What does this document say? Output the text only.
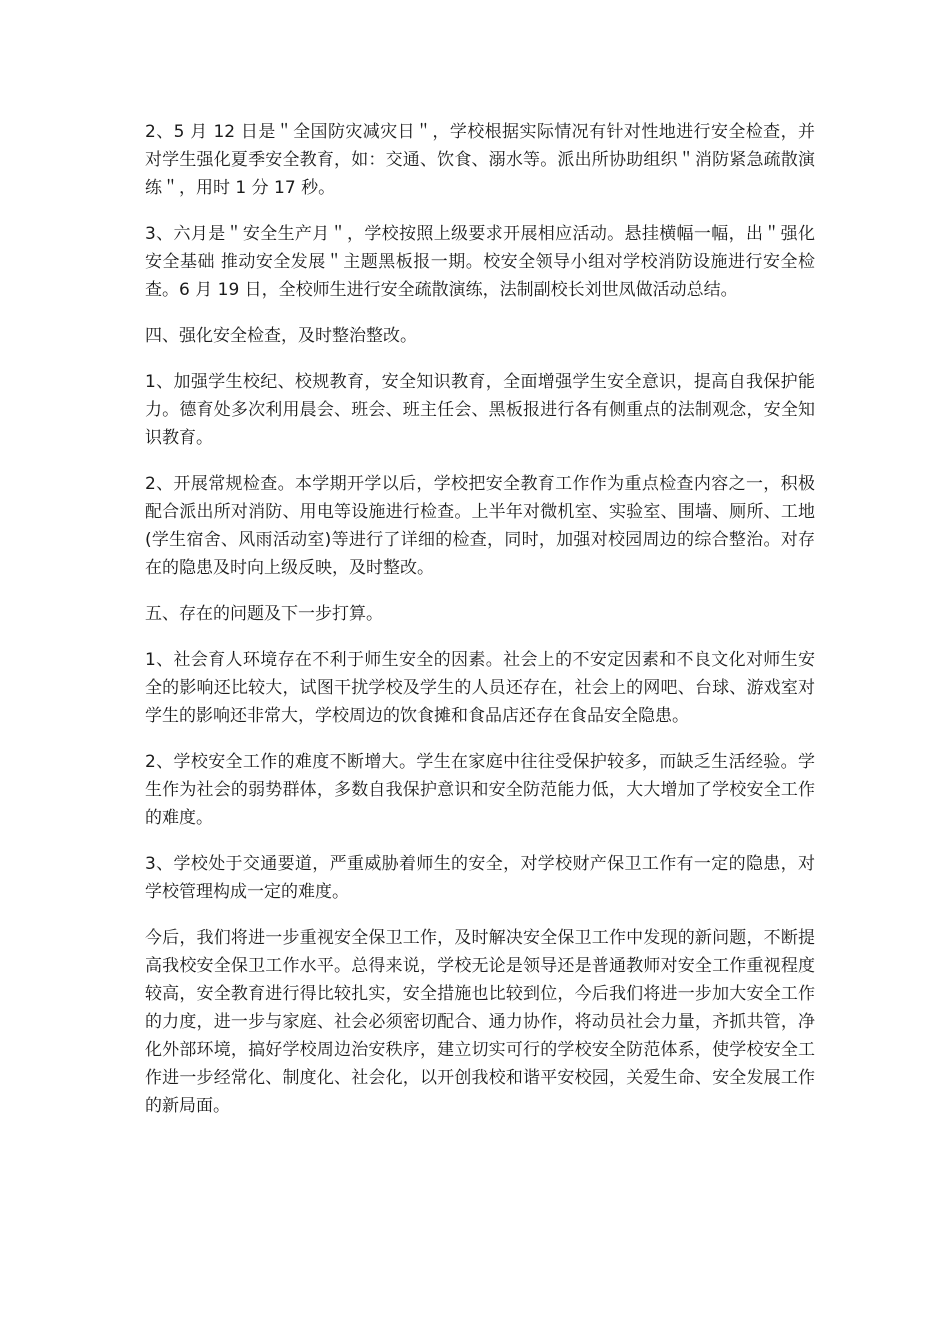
2、5 月 12 日是＂全国防灾减灾日＂，学校根据实际情况有针对性地进行安全检查，并对学生强化夏季安全教育，如：交通、饮食、溺水等。派出所协助组织＂消防紧急疏散演练＂，用时 1 分 17 秒。

3、六月是＂安全生产月＂，学校按照上级要求开展相应活动。悬挂横幅一幅，出＂强化安全基础 推动安全发展＂主题黑板报一期。校安全领导小组对学校消防设施进行安全检查。6 月 19 日，全校师生进行安全疏散演练，法制副校长刘世凤做活动总结。

四、强化安全检查，及时整治整改。

1、加强学生校纪、校规教育，安全知识教育，全面增强学生安全意识，提高自我保护能力。德育处多次利用晨会、班会、班主任会、黑板报进行各有侧重点的法制观念，安全知识教育。

2、开展常规检查。本学期开学以后，学校把安全教育工作作为重点检查内容之一，积极配合派出所对消防、用电等设施进行检查。上半年对微机室、实验室、围墙、厕所、工地(学生宿舍、风雨活动室)等进行了详细的检查，同时，加强对校园周边的综合整治。对存在的隐患及时向上级反映，及时整改。

五、存在的问题及下一步打算。

1、社会育人环境存在不利于师生安全的因素。社会上的不安定因素和不良文化对师生安全的影响还比较大，试图干扰学校及学生的人员还存在，社会上的网吧、台球、游戏室对学生的影响还非常大，学校周边的饮食摊和食品店还存在食品安全隐患。

2、学校安全工作的难度不断增大。学生在家庭中往往受保护较多，而缺乏生活经验。学生作为社会的弱势群体，多数自我保护意识和安全防范能力低，大大增加了学校安全工作的难度。

3、学校处于交通要道，严重威胁着师生的安全，对学校财产保卫工作有一定的隐患，对学校管理构成一定的难度。

今后，我们将进一步重视安全保卫工作，及时解决安全保卫工作中发现的新问题，不断提高我校安全保卫工作水平。总得来说，学校无论是领导还是普通教师对安全工作重视程度较高，安全教育进行得比较扎实，安全措施也比较到位，今后我们将进一步加大安全工作的力度，进一步与家庭、社会必须密切配合、通力协作，将动员社会力量，齐抓共管，净化外部环境，搞好学校周边治安秩序，建立切实可行的学校安全防范体系，使学校安全工作进一步经常化、制度化、社会化，以开创我校和谐平安校园，关爱生命、安全发展工作的新局面。
